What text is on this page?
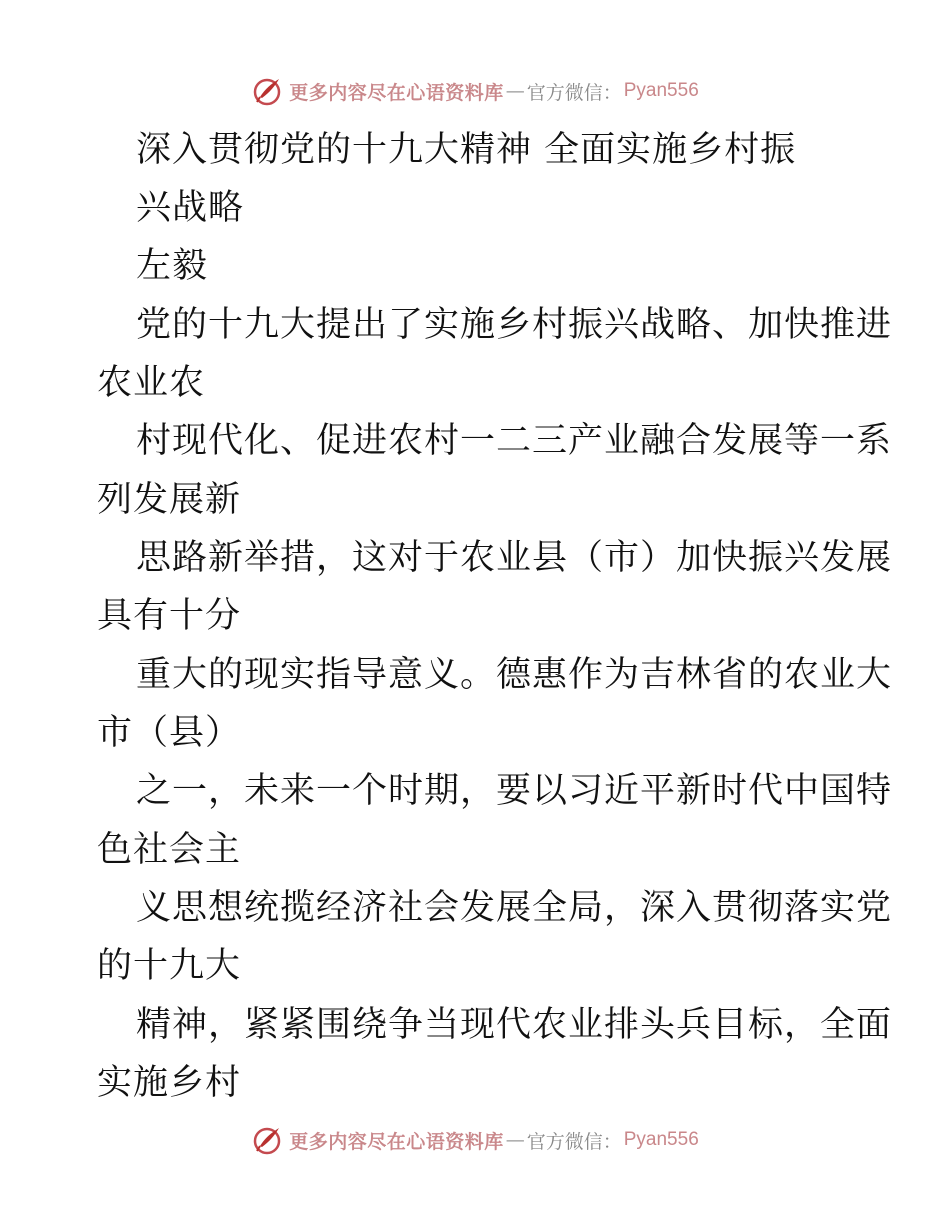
更多内容尽在心语资料库 — 官方微信： Pyan556
深入贯彻党的十九大精神 全面实施乡村振
兴战略
左毅
党的十九大提出了实施乡村振兴战略、加快推进
农业农
村现代化、促进农村一二三产业融合发展等一系
列发展新
思路新举措，这对于农业县（市）加快振兴发展
具有十分
重大的现实指导意义。德惠作为吉林省的农业大
市（县）
之一，未来一个时期，要以习近平新时代中国特
色社会主
义思想统揽经济社会发展全局，深入贯彻落实党
的十九大
精神，紧紧围绕争当现代农业排头兵目标，全面
实施乡村
更多内容尽在心语资料库 — 官方微信： Pyan556
